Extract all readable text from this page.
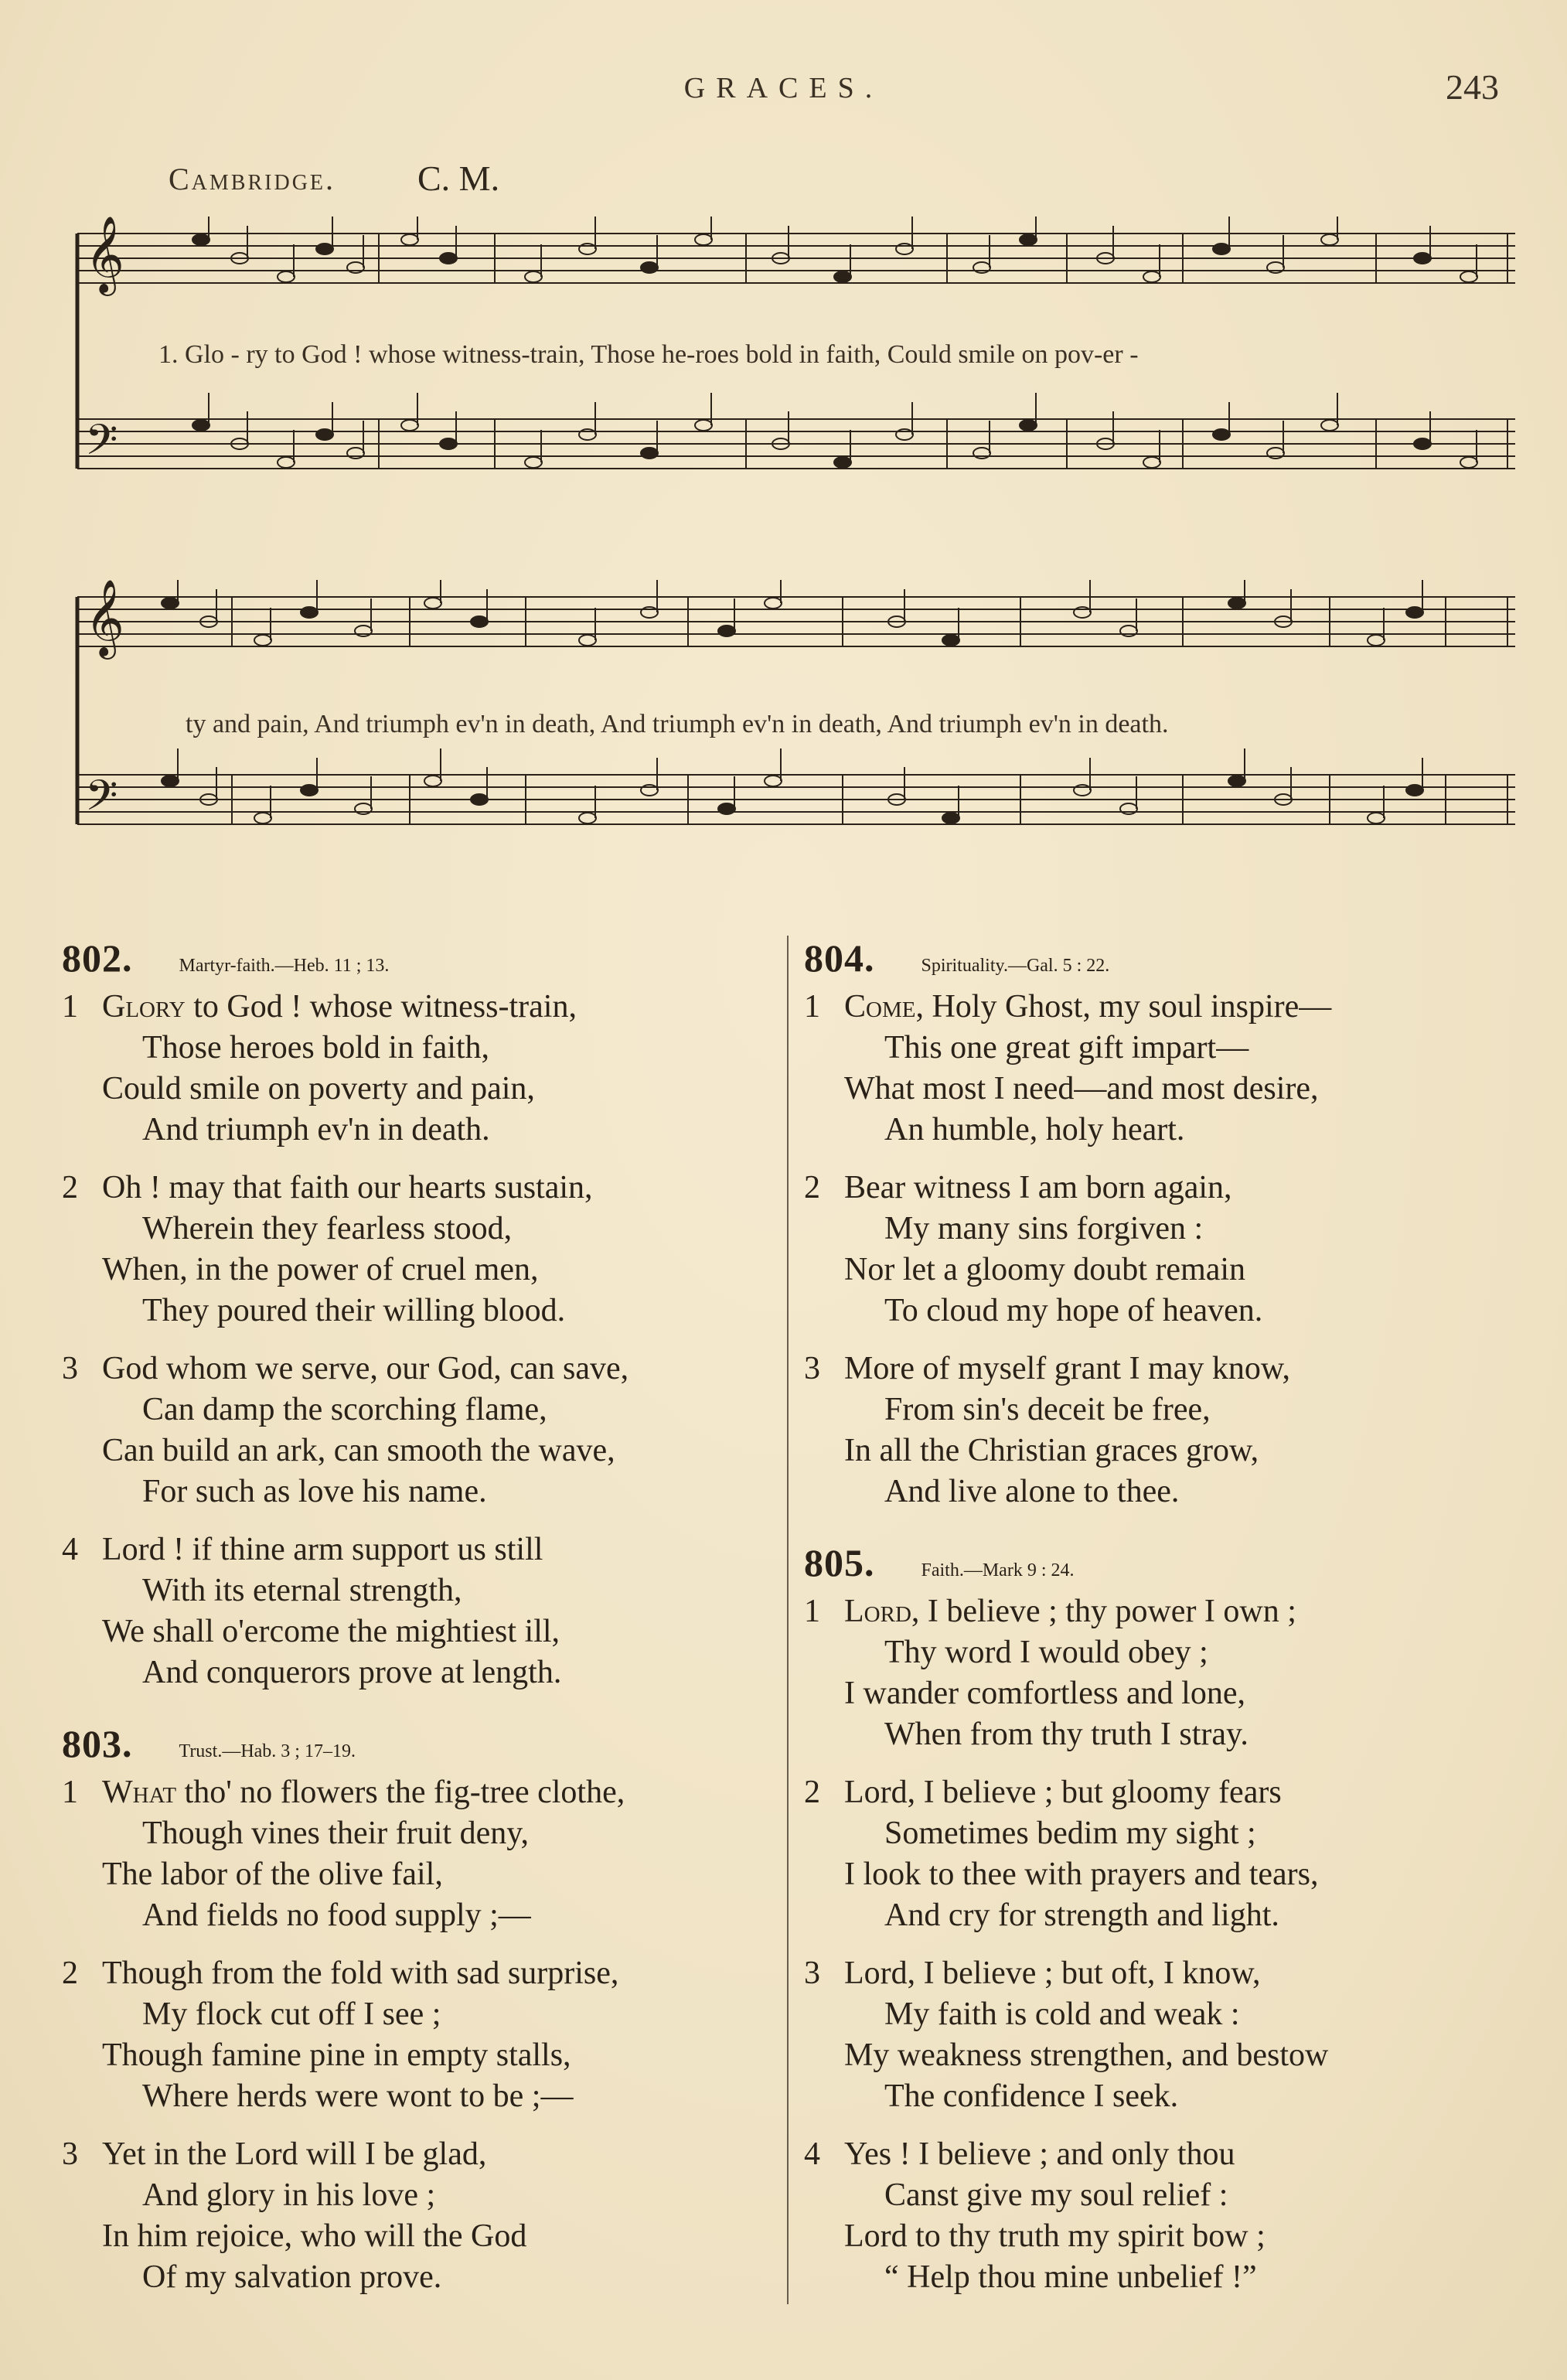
GRACES.	243
Cambridge. C. M.
𝄞
𝄢
1. Glo - ry to God ! whose witness-train, Those he-roes bold in faith, Could smile on pov-er -
𝄞
𝄢
ty and pain, And triumph ev'n in death, And triumph ev'n in death, And triumph ev'n in death.
802.	Martyr-faith.—Heb. 11 ; 13.
1 Glory to God ! whose witness-train,
Those heroes bold in faith,
Could smile on poverty and pain,
And triumph ev'n in death.
2 Oh ! may that faith our hearts sustain,
Wherein they fearless stood,
When, in the power of cruel men,
They poured their willing blood.
3 God whom we serve, our God, can save,
Can damp the scorching flame,
Can build an ark, can smooth the wave,
For such as love his name.
4 Lord ! if thine arm support us still
With its eternal strength,
We shall o'ercome the mightiest ill,
And conquerors prove at length.
803.	Trust.—Hab. 3 ; 17–19.
1 What tho' no flowers the fig-tree clothe,
Though vines their fruit deny,
The labor of the olive fail,
And fields no food supply ;—
2 Though from the fold with sad surprise,
My flock cut off I see ;
Though famine pine in empty stalls,
Where herds were wont to be ;—
3 Yet in the Lord will I be glad,
And glory in his love ;
In him rejoice, who will the God
Of my salvation prove.
804.	Spirituality.—Gal. 5 : 22.
1 Come, Holy Ghost, my soul inspire—
This one great gift impart—
What most I need—and most desire,
An humble, holy heart.
2 Bear witness I am born again,
My many sins forgiven :
Nor let a gloomy doubt remain
To cloud my hope of heaven.
3 More of myself grant I may know,
From sin's deceit be free,
In all the Christian graces grow,
And live alone to thee.
805.	Faith.—Mark 9 : 24.
1 Lord, I believe ; thy power I own ;
Thy word I would obey ;
I wander comfortless and lone,
When from thy truth I stray.
2 Lord, I believe ; but gloomy fears
Sometimes bedim my sight ;
I look to thee with prayers and tears,
And cry for strength and light.
3 Lord, I believe ; but oft, I know,
My faith is cold and weak :
My weakness strengthen, and bestow
The confidence I seek.
4 Yes ! I believe ; and only thou
Canst give my soul relief :
Lord to thy truth my spirit bow ;
“ Help thou mine unbelief !”
